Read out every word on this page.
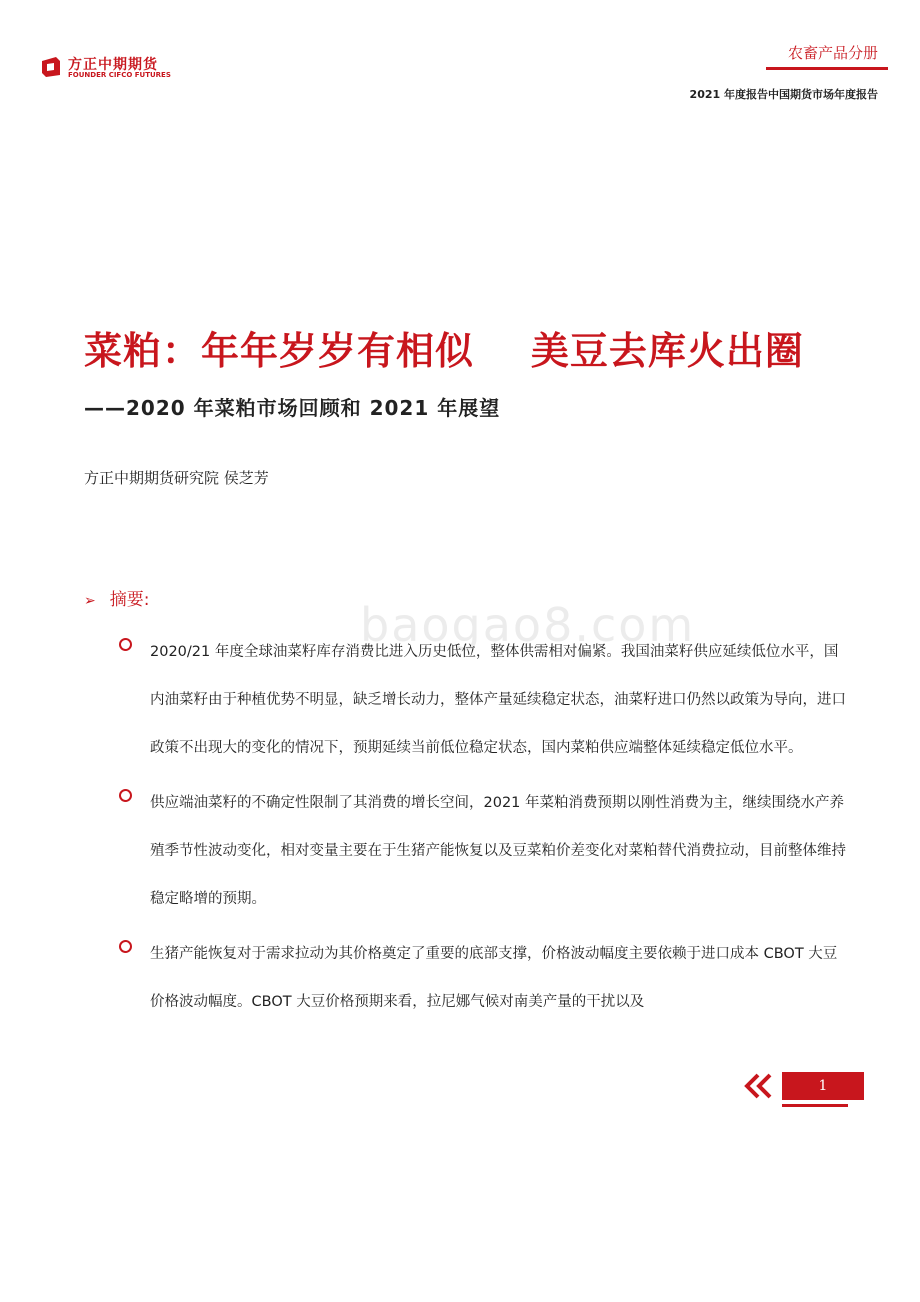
方正中期期货
FOUNDER CIFCO FUTURES
农畜产品分册
2021 年度报告中国期货市场年度报告
菜粕：年年岁岁有相似    美豆去库火出圈
——2020 年菜粕市场回顾和 2021 年展望
方正中期期货研究院 侯芝芳
baogao8.com
➢ 摘要:
2020/21 年度全球油菜籽库存消费比进入历史低位，整体供需相对偏紧。我国油菜籽供应延续低位水平，国内油菜籽由于种植优势不明显，缺乏增长动力，整体产量延续稳定状态，油菜籽进口仍然以政策为导向，进口政策不出现大的变化的情况下，预期延续当前低位稳定状态，国内菜粕供应端整体延续稳定低位水平。
供应端油菜籽的不确定性限制了其消费的增长空间，2021 年菜粕消费预期以刚性消费为主，继续围绕水产养殖季节性波动变化，相对变量主要在于生猪产能恢复以及豆菜粕价差变化对菜粕替代消费拉动，目前整体维持稳定略增的预期。
生猪产能恢复对于需求拉动为其价格奠定了重要的底部支撑，价格波动幅度主要依赖于进口成本 CBOT 大豆价格波动幅度。CBOT 大豆价格预期来看，拉尼娜气候对南美产量的干扰以及
1
